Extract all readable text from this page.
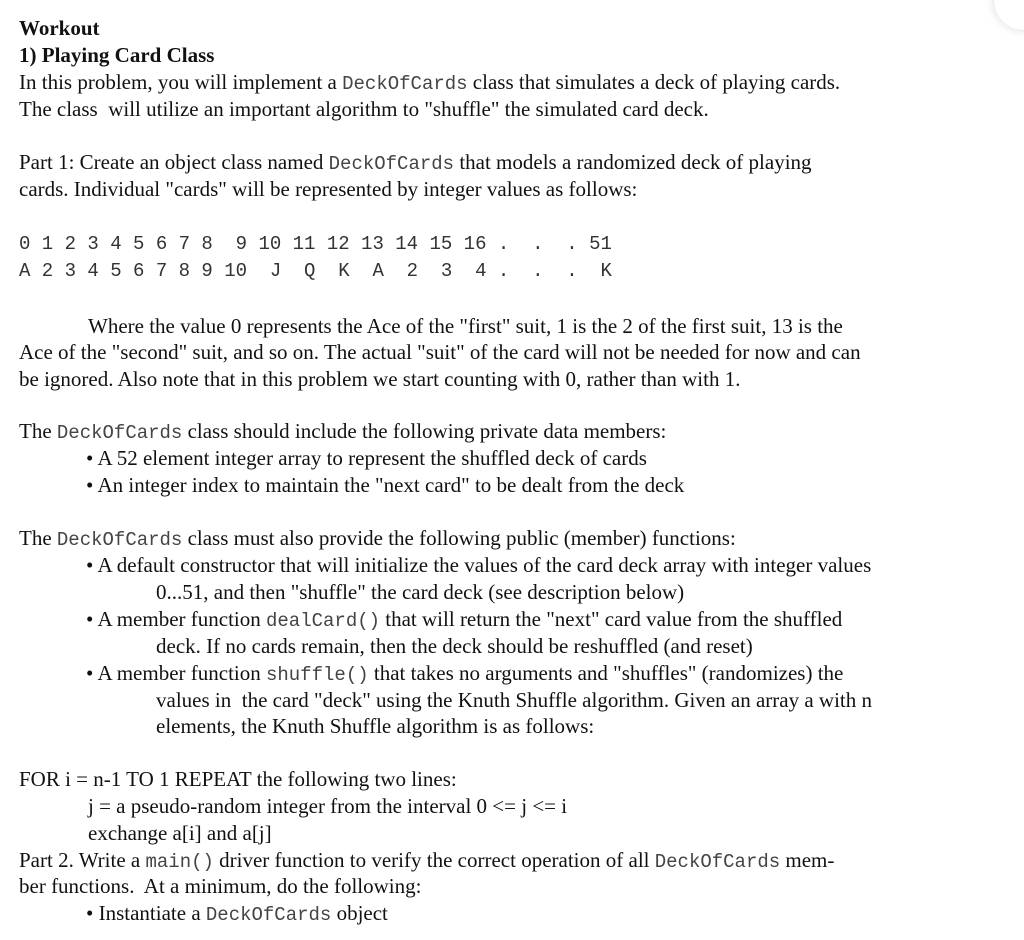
Workout
1) Playing Card Class
In this problem, you will implement a DeckOfCards class that simulates a deck of playing cards.
The class  will utilize an important algorithm to "shuffle" the simulated card deck.
Part 1: Create an object class named DeckOfCards that models a randomized deck of playing
cards. Individual "cards" will be represented by integer values as follows:
0 1 2 3 4 5 6 7 8  9 10 11 12 13 14 15 16 .  .  . 51
A 2 3 4 5 6 7 8 9 10  J  Q  K  A  2  3  4 .  .  .  K
Where the value 0 represents the Ace of the "first" suit, 1 is the 2 of the first suit, 13 is the
Ace of the "second" suit, and so on. The actual "suit" of the card will not be needed for now and can
be ignored. Also note that in this problem we start counting with 0, rather than with 1.
The DeckOfCards class should include the following private data members:
• A 52 element integer array to represent the shuffled deck of cards
• An integer index to maintain the "next card" to be dealt from the deck
The DeckOfCards class must also provide the following public (member) functions:
• A default constructor that will initialize the values of the card deck array with integer values
0...51, and then "shuffle" the card deck (see description below)
• A member function dealCard() that will return the "next" card value from the shuffled
deck. If no cards remain, then the deck should be reshuffled (and reset)
• A member function shuffle() that takes no arguments and "shuffles" (randomizes) the
values in  the card "deck" using the Knuth Shuffle algorithm. Given an array a with n
elements, the Knuth Shuffle algorithm is as follows:
FOR i = n-1 TO 1 REPEAT the following two lines:
j = a pseudo-random integer from the interval 0 <= j <= i
exchange a[i] and a[j]
Part 2. Write a main() driver function to verify the correct operation of all DeckOfCards mem-
ber functions.  At a minimum, do the following:
• Instantiate a DeckOfCards object
